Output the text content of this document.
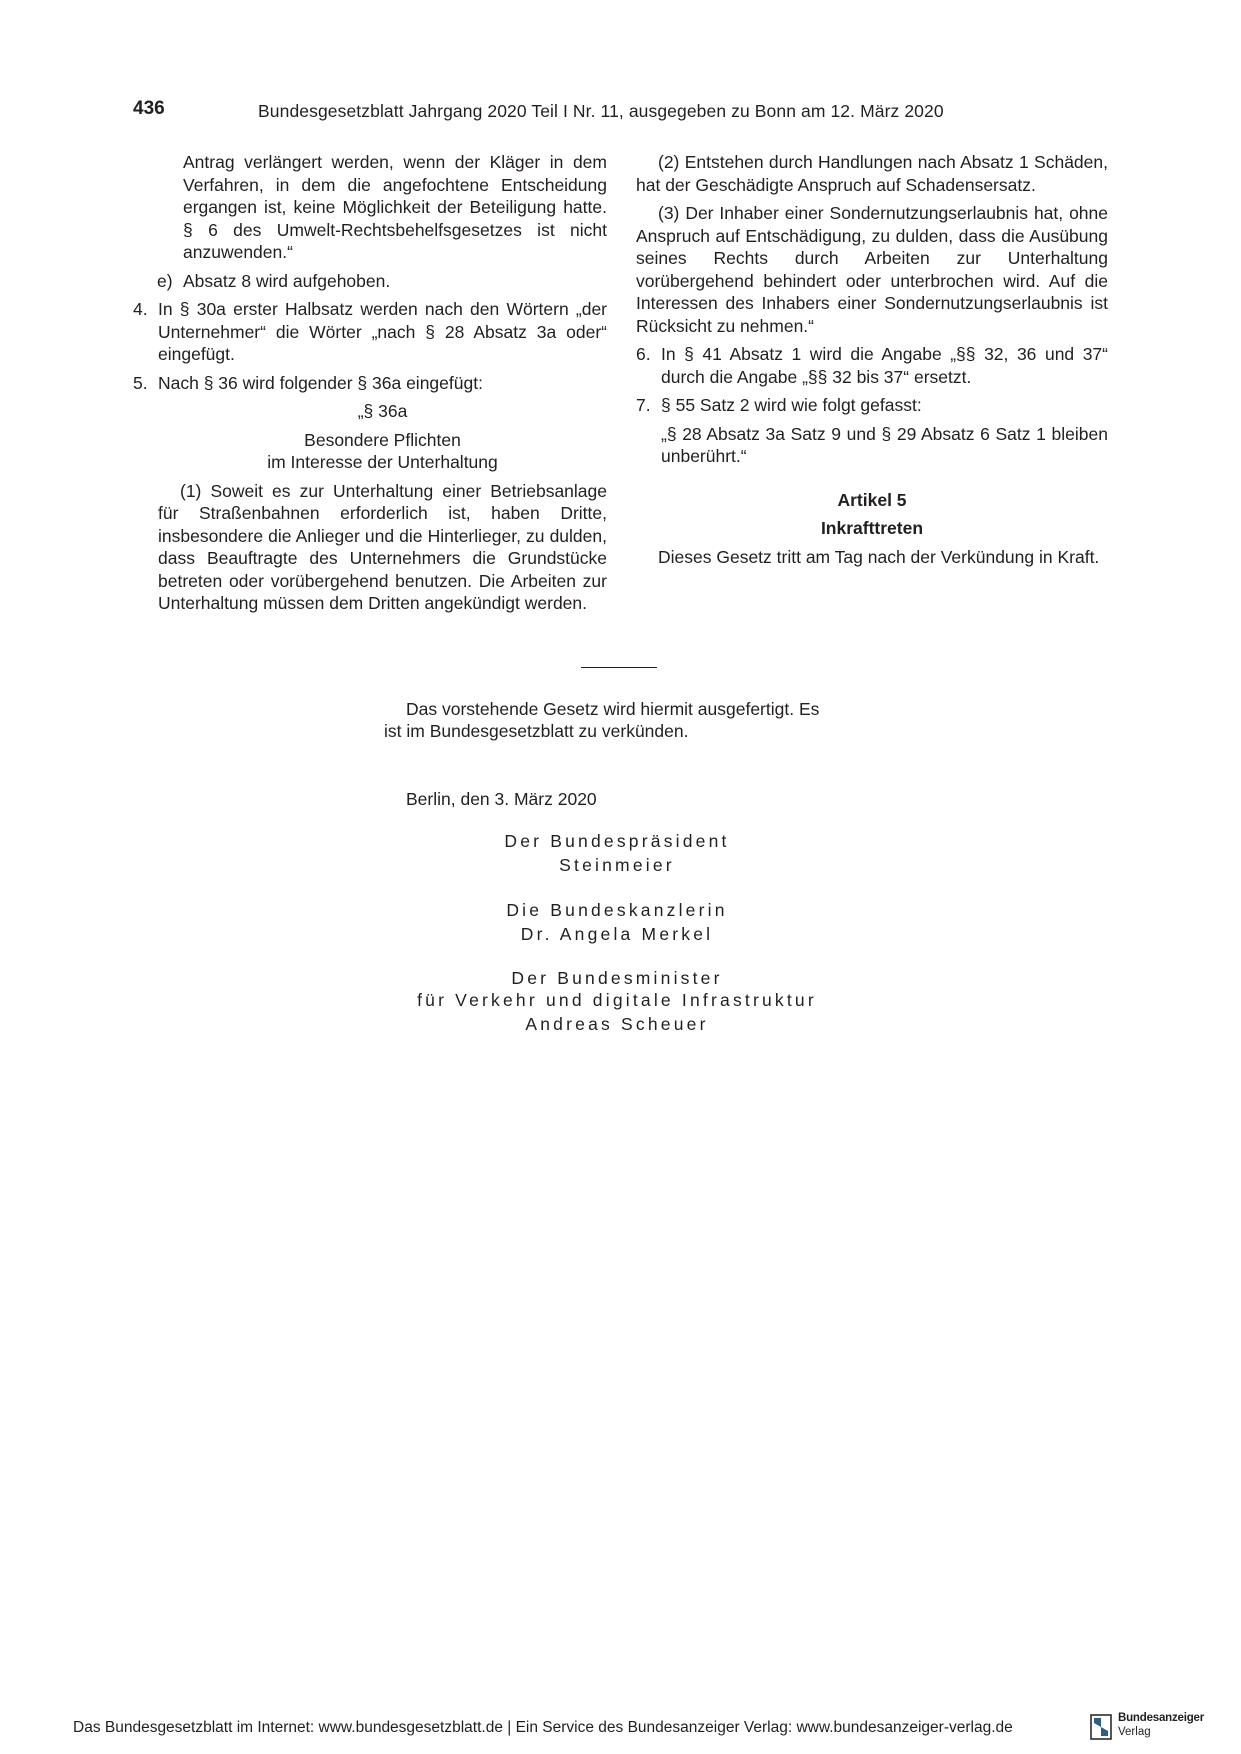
436	Bundesgesetzblatt Jahrgang 2020 Teil I Nr. 11, ausgegeben zu Bonn am 12. März 2020

Antrag verlängert werden, wenn der Kläger in dem Verfahren, in dem die angefochtene Entscheidung ergangen ist, keine Möglichkeit der Beteiligung hatte. § 6 des Umwelt-Rechtsbehelfsgesetzes ist nicht anzuwenden.“

e) Absatz 8 wird aufgehoben.
4. In § 30a erster Halbsatz werden nach den Wörtern „der Unternehmer“ die Wörter „nach § 28 Absatz 3a oder“ eingefügt.
5. Nach § 36 wird folgender § 36a eingefügt:
„§ 36a
Besondere Pflichten
im Interesse der Unterhaltung

(1) Soweit es zur Unterhaltung einer Betriebsanlage für Straßenbahnen erforderlich ist, haben Dritte, insbesondere die Anlieger und die Hinterlieger, zu dulden, dass Beauftragte des Unternehmers die Grundstücke betreten oder vorübergehend benutzen. Die Arbeiten zur Unterhaltung müssen dem Dritten angekündigt werden.

(2) Entstehen durch Handlungen nach Absatz 1 Schäden, hat der Geschädigte Anspruch auf Schadensersatz.

(3) Der Inhaber einer Sondernutzungserlaubnis hat, ohne Anspruch auf Entschädigung, zu dulden, dass die Ausübung seines Rechts durch Arbeiten zur Unterhaltung vorübergehend behindert oder unterbrochen wird. Auf die Interessen des Inhabers einer Sondernutzungserlaubnis ist Rücksicht zu nehmen.“

6. In § 41 Absatz 1 wird die Angabe „§§ 32, 36 und 37“ durch die Angabe „§§ 32 bis 37“ ersetzt.
7. § 55 Satz 2 wird wie folgt gefasst:

„§ 28 Absatz 3a Satz 9 und § 29 Absatz 6 Satz 1 bleiben unberührt.“

Artikel 5
Inkrafttreten

Dieses Gesetz tritt am Tag nach der Verkündung in Kraft.

Das vorstehende Gesetz wird hiermit ausgefertigt. Es
ist im Bundesgesetzblatt zu verkünden.
Berlin, den 3. März 2020
Der Bundespräsident
Steinmeier
Die Bundeskanzlerin
Dr. Angela Merkel
Der Bundesminister
für Verkehr und digitale Infrastruktur
Andreas Scheuer
Das Bundesgesetzblatt im Internet: www.bundesgesetzblatt.de | Ein Service des Bundesanzeiger Verlag: www.bundesanzeiger-verlag.de
Bundesanzeiger
Verlag
